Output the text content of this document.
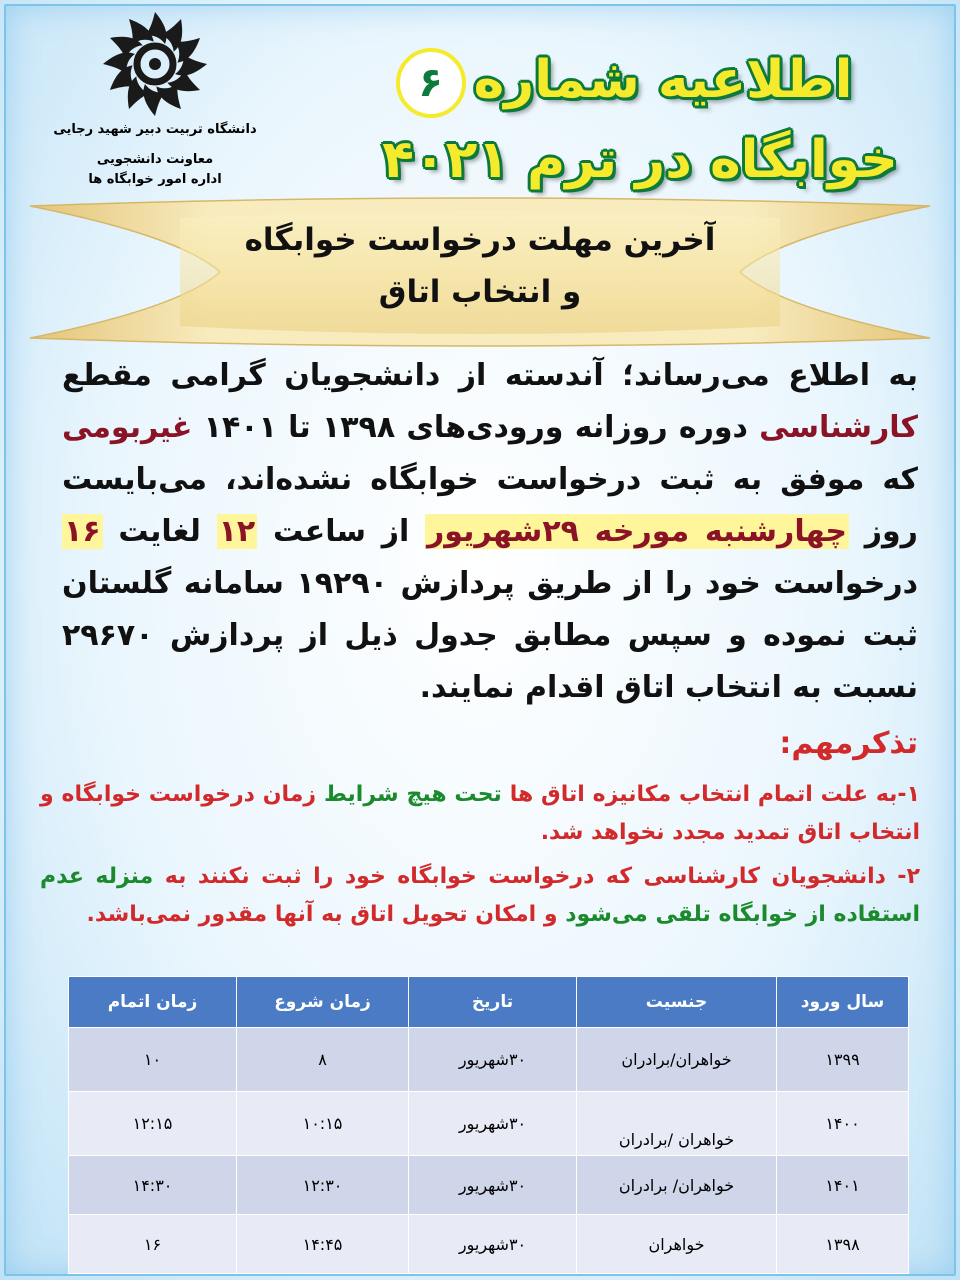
دانشگاه تربیت دبیر شهید رجایی
معاونت دانشجویی
اداره امور خوابگاه ها
اطلاعیه شماره۶
خوابگاه در ترم ۴۰۲۱
آخرین مهلت درخواست خوابگاه
و انتخاب اتاق
به اطلاع می‌رساند؛ آندسته از دانشجویان گرامی مقطع کارشناسی دوره روزانه ورودی‌های ۱۳۹۸ تا ۱۴۰۱ غیربومی که موفق به ثبت درخواست خوابگاه نشده‌اند، می‌بایست روز چهارشنبه مورخه ۲۹شهریور از ساعت ۱۲ لغایت ۱۶ درخواست خود را از طریق پردازش ۱۹۲۹۰ سامانه گلستان ثبت نموده و سپس مطابق جدول ذیل از پردازش ۲۹۶۷۰ نسبت به انتخاب اتاق اقدام نمایند.
تذکرمهم:
۱-به علت اتمام انتخاب مکانیزه اتاق ها تحت هیچ شرایط زمان درخواست خوابگاه و انتخاب اتاق تمدید مجدد نخواهد شد.
۲- دانشجویان کارشناسی که درخواست خوابگاه خود را ثبت نکنند به منزله عدم استفاده از خوابگاه تلقی می‌شود و امکان تحویل اتاق به آنها مقدور نمی‌باشد.
سال ورود	جنسیت	تاریخ	زمان شروع	زمان اتمام
۱۳۹۹	خواهران/برادران	۳۰شهریور	۸	۱۰
۱۴۰۰	خواهران /برادران	۳۰شهریور	۱۰:۱۵	۱۲:۱۵
۱۴۰۱	خواهران/ برادران	۳۰شهریور	۱۲:۳۰	۱۴:۳۰
۱۳۹۸	خواهران	۳۰شهریور	۱۴:۴۵	۱۶
